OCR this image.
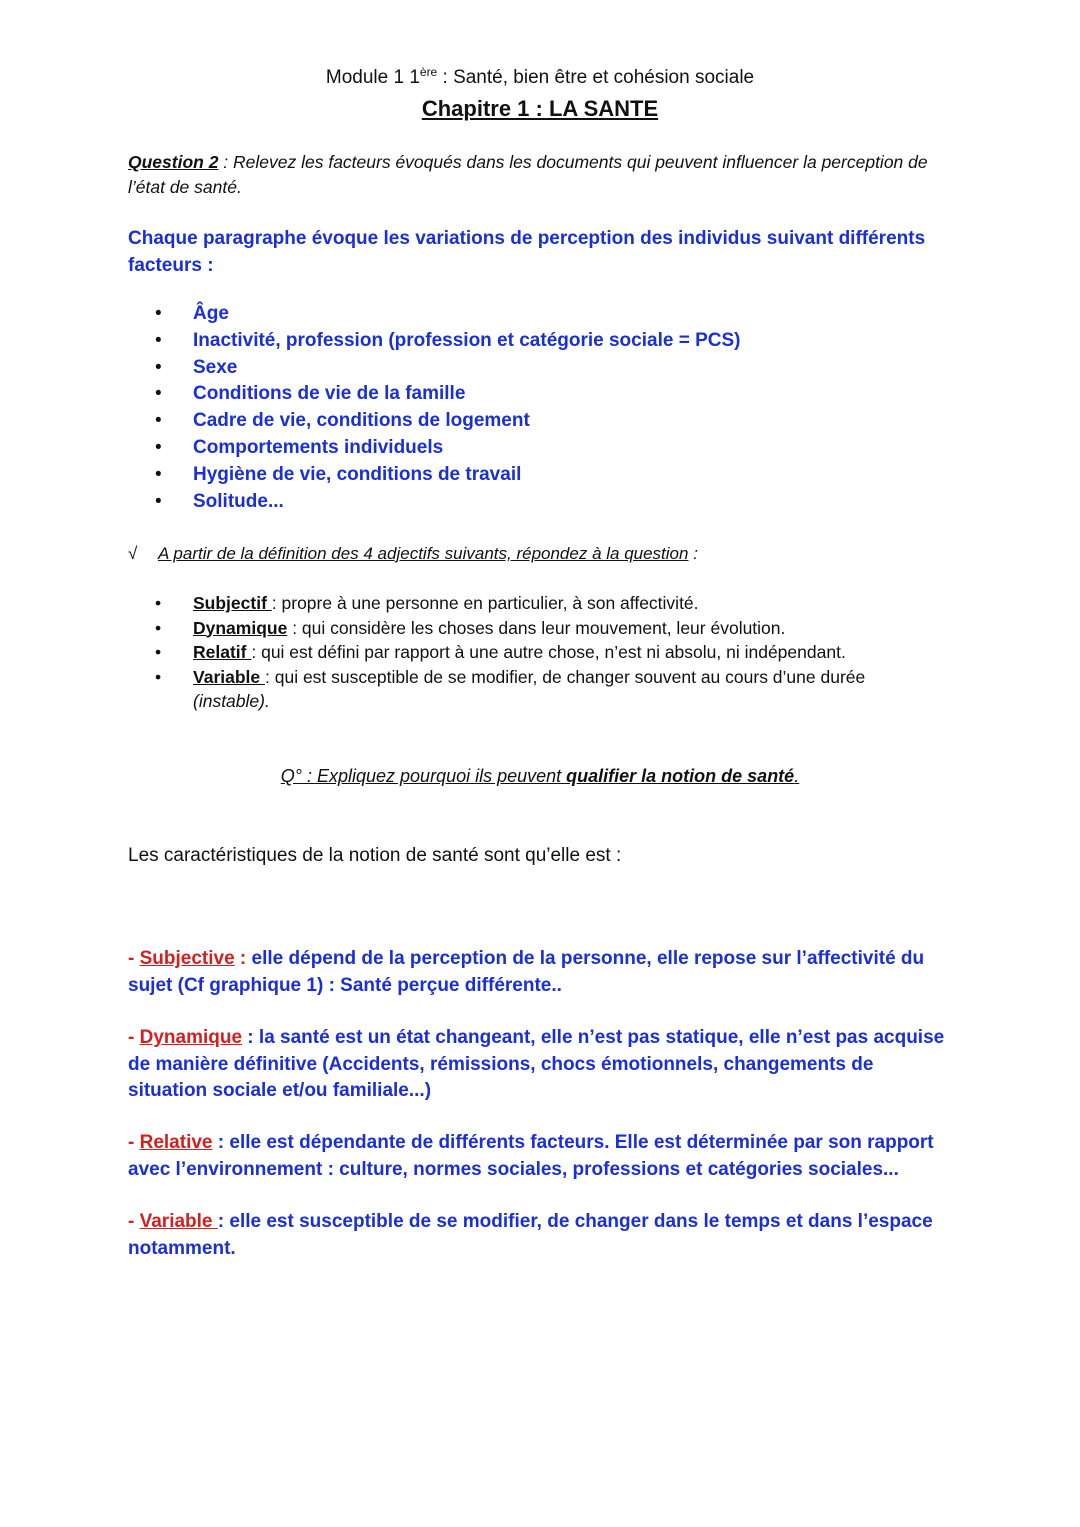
Module 1 1ère : Santé, bien être et cohésion sociale
Chapitre 1 : LA SANTE
Question 2 : Relevez les facteurs évoqués dans les documents qui peuvent influencer la perception de l’état de santé.
Chaque paragraphe évoque les variations de perception des individus suivant différents facteurs :
• Âge
• Inactivité, profession (profession et catégorie sociale = PCS)
• Sexe
• Conditions de vie de la famille
• Cadre de vie, conditions de logement
• Comportements individuels
• Hygiène de vie, conditions de travail
• Solitude...
√ A partir de la définition des 4 adjectifs suivants, répondez à la question :
• Subjectif : propre à une personne en particulier, à son affectivité.
• Dynamique : qui considère les choses dans leur mouvement, leur évolution.
• Relatif : qui est défini par rapport à une autre chose, n’est ni absolu, ni indépendant.
• Variable : qui est susceptible de se modifier, de changer souvent au cours d’une durée
(instable).
Q° : Expliquez pourquoi ils peuvent qualifier la notion de santé.
Les caractéristiques de la notion de santé sont qu’elle est :
- Subjective : elle dépend de la perception de la personne, elle repose sur l’affectivité du sujet (Cf graphique 1) : Santé perçue différente..
- Dynamique : la santé est un état changeant, elle n’est pas statique, elle n’est pas acquise de manière définitive (Accidents, rémissions, chocs émotionnels, changements de situation sociale et/ou familiale...)
- Relative : elle est dépendante de différents facteurs. Elle est déterminée par son rapport avec l’environnement : culture, normes sociales, professions et catégories sociales...
- Variable : elle est susceptible de se modifier, de changer dans le temps et dans l’espace notamment.
